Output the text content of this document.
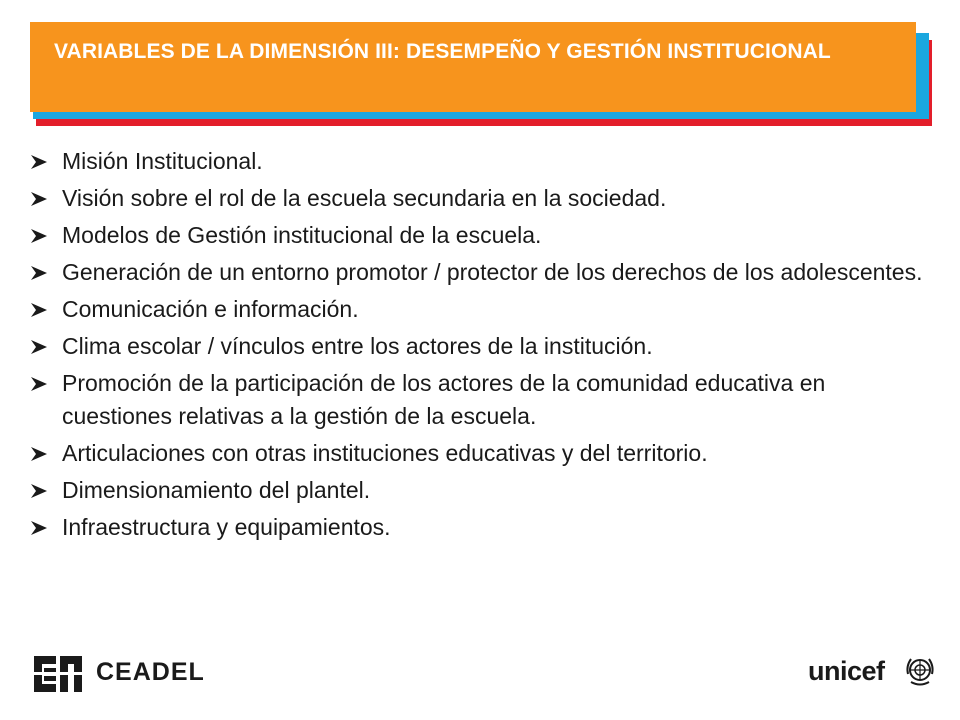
VARIABLES DE LA DIMENSIÓN III: DESEMPEÑO Y GESTIÓN INSTITUCIONAL

Misión Institucional.
Visión sobre el rol de la escuela secundaria en la sociedad.
Modelos de Gestión institucional de la escuela.
Generación de un entorno promotor / protector de los derechos de los adolescentes.
Comunicación e información.
Clima escolar / vínculos entre los actores de la institución.
Promoción de la participación de los actores de la comunidad educativa en cuestiones relativas a la gestión de la escuela.
Articulaciones con otras instituciones educativas y del territorio.
Dimensionamiento del plantel.
Infraestructura y equipamientos.
CEADEL	unicef
